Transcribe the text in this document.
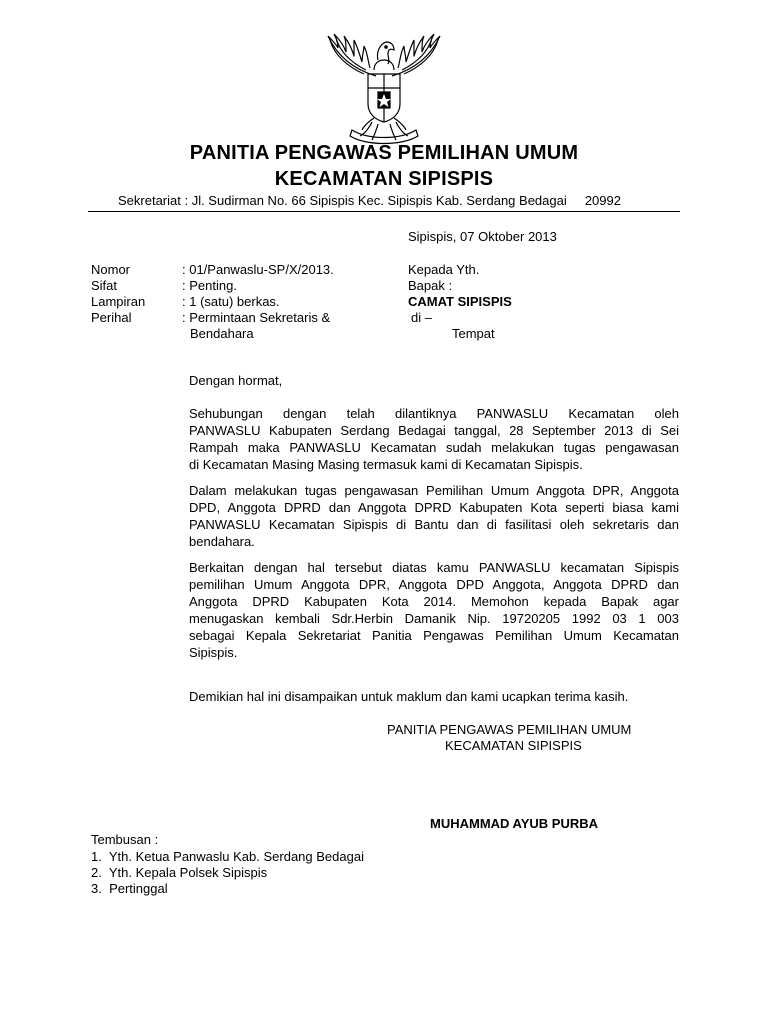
PANITIA PENGAWAS PEMILIHAN UMUM
KECAMATAN SIPISPIS
Sekretariat : Jl. Sudirman No. 66 Sipispis Kec. Sipispis Kab. Serdang Bedagai 20992
Sipispis, 07 Oktober 2013
Nomor	: 01/Panwaslu-SP/X/2013.
Sifat	: Penting.
Lampiran	: 1 (satu) berkas.
Perihal	: Permintaan Sekretaris &
Bendahara
Kepada Yth.
Bapak :
CAMAT SIPISPIS
di –
Tempat
Dengan hormat,
Sehubungan dengan telah dilantiknya PANWASLU Kecamatan oleh
PANWASLU Kabupaten Serdang Bedagai tanggal, 28 September 2013 di Sei
Rampah maka PANWASLU Kecamatan sudah melakukan tugas pengawasan
di Kecamatan Masing Masing termasuk kami di Kecamatan Sipispis.
Dalam melakukan tugas pengawasan Pemilihan Umum Anggota DPR, Anggota
DPD, Anggota DPRD dan Anggota DPRD Kabupaten Kota seperti biasa kami
PANWASLU Kecamatan Sipispis di Bantu dan di fasilitasi oleh sekretaris dan
bendahara.
Berkaitan dengan hal tersebut diatas kamu PANWASLU kecamatan Sipispis
pemilihan Umum Anggota DPR, Anggota DPD Anggota, Anggota DPRD dan
Anggota DPRD Kabupaten Kota 2014. Memohon kepada Bapak agar
menugaskan kembali Sdr.Herbin Damanik Nip. 19720205 1992 03 1 003
sebagai Kepala Sekretariat Panitia Pengawas Pemilihan Umum Kecamatan
Sipispis.
Demikian hal ini disampaikan untuk maklum dan kami ucapkan terima kasih.
PANITIA PENGAWAS PEMILIHAN UMUM
KECAMATAN SIPISPIS
MUHAMMAD AYUB PURBA
Tembusan :
1.  Yth. Ketua Panwaslu Kab. Serdang Bedagai
2.  Yth. Kepala Polsek Sipispis
3.  Pertinggal
